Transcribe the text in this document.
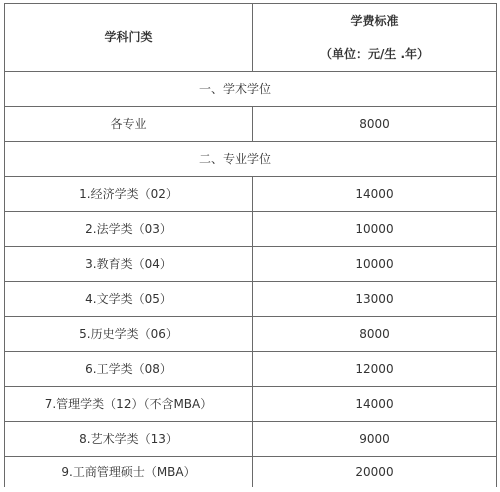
学科门类	学费标准
（单位：元/生 .年）

一、学术学位	
各专业	8000
二、专业学位	
1.经济学类（02）	14000
2.法学类（03）	10000
3.教育类（04）	10000
4.文学类（05）	13000
5.历史学类（06）	8000
6.工学类（08）	12000
7.管理学类（12）（不含MBA）	14000
8.艺术学类（13）	9000
9.工商管理硕士（MBA）	20000
